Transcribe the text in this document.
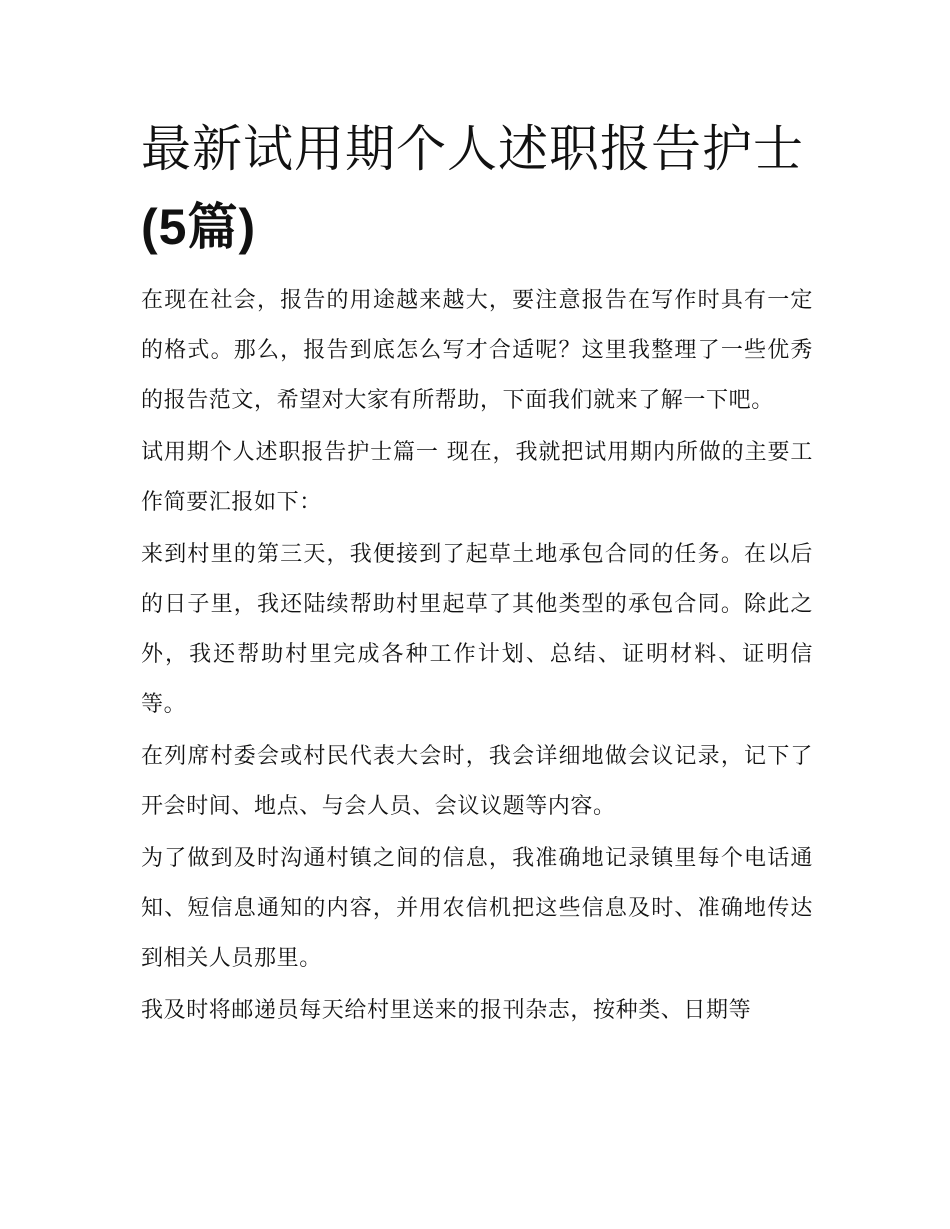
最新试用期个人述职报告护士
(5篇)

在现在社会，报告的用途越来越大，要注意报告在写作时具有一定的格式。那么，报告到底怎么写才合适呢？这里我整理了一些优秀的报告范文，希望对大家有所帮助，下面我们就来了解一下吧。

试用期个人述职报告护士篇一 现在，我就把试用期内所做的主要工作简要汇报如下：

来到村里的第三天，我便接到了起草土地承包合同的任务。在以后的日子里，我还陆续帮助村里起草了其他类型的承包合同。除此之外，我还帮助村里完成各种工作计划、总结、证明材料、证明信等。

在列席村委会或村民代表大会时，我会详细地做会议记录，记下了开会时间、地点、与会人员、会议议题等内容。

为了做到及时沟通村镇之间的信息，我准确地记录镇里每个电话通知、短信息通知的内容，并用农信机把这些信息及时、准确地传达到相关人员那里。

我及时将邮递员每天给村里送来的报刊杂志，按种类、日期等
